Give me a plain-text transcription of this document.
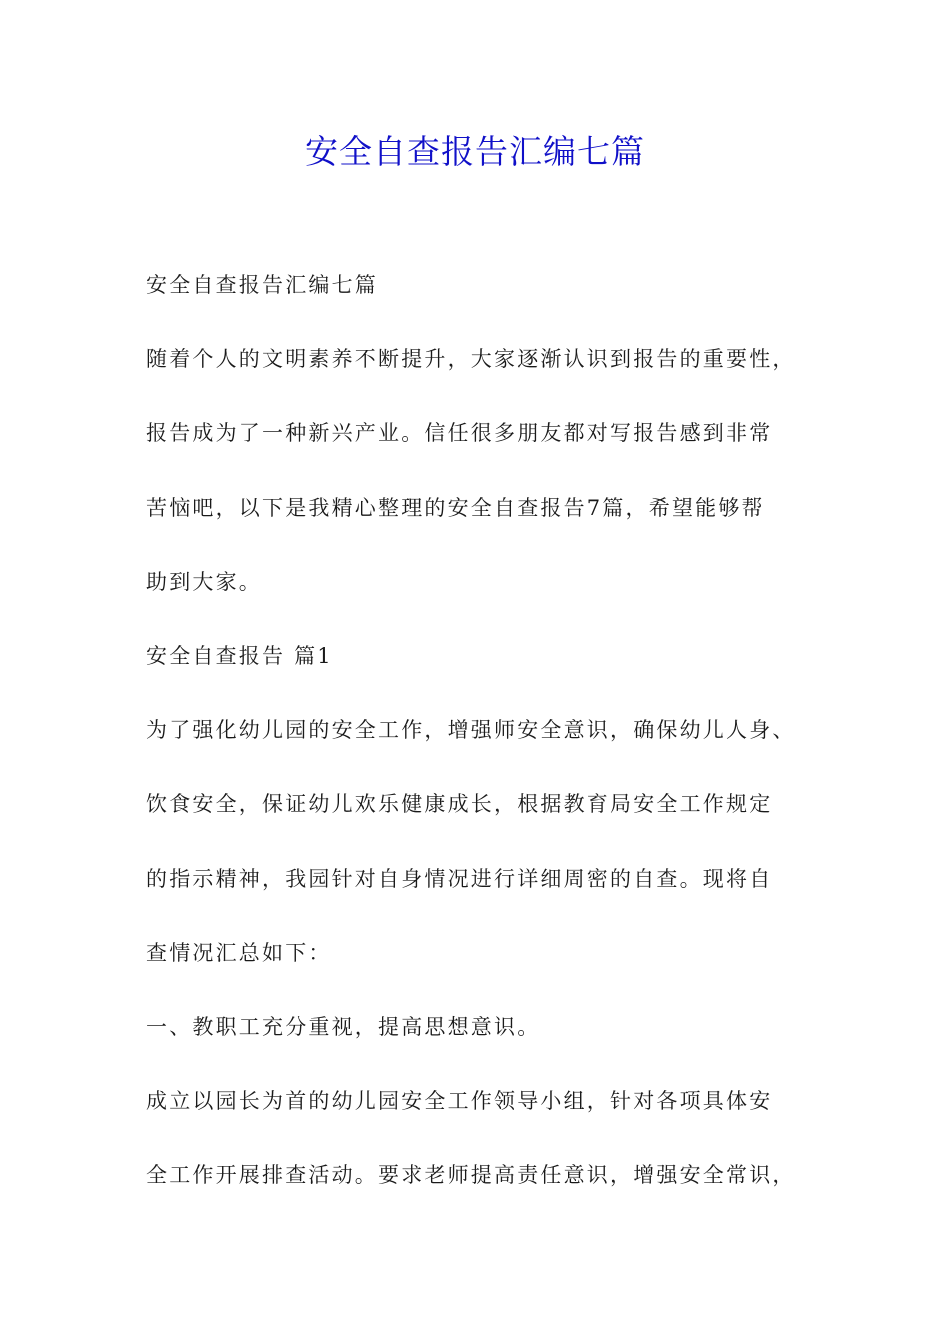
安全自查报告汇编七篇

安全自查报告汇编七篇

随着个人的文明素养不断提升，大家逐渐认识到报告的重要性，

报告成为了一种新兴产业。信任很多朋友都对写报告感到非常

苦恼吧，以下是我精心整理的安全自查报告7篇，希望能够帮

助到大家。

安全自查报告 篇1

为了强化幼儿园的安全工作，增强师安全意识，确保幼儿人身、

饮食安全，保证幼儿欢乐健康成长，根据教育局安全工作规定

的指示精神，我园针对自身情况进行详细周密的自查。现将自

查情况汇总如下：

一、教职工充分重视，提高思想意识。

成立以园长为首的幼儿园安全工作领导小组，针对各项具体安

全工作开展排查活动。要求老师提高责任意识，增强安全常识，
